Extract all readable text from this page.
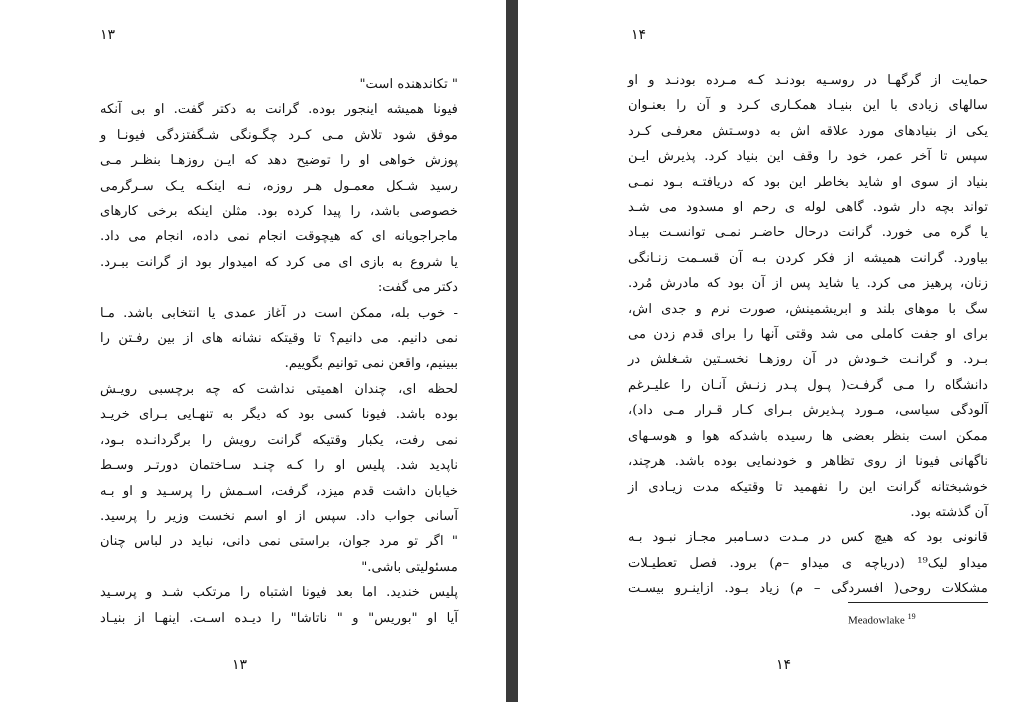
۱۳
" تکاندهنده است"
فیونا همیشه اینجور بوده. گرانت به دکتر گفت. او بی آنکه
موفق شود تلاش مـی کـرد چگـونگی شـگفتزدگی فیونـا و
پوزش خواهی او را توضیح دهد که ایـن روزهـا بنظـر مـی
رسید شـکل معمـول هـر روزه، نـه اینکـه یـک سـرگرمی
خصوصی باشد، را پیدا کرده بود. مثلن اینکه برخی کارهای
ماجراجویانه ای که هیچوقت انجام نمی داده، انجام می داد.
یا شروع به بازی ای می کرد که امیدوار بود از گرانت ببـرد.
دکتر می گفت:
- خوب بله، ممکن است در آغاز عمدی یا انتخابی باشد. مـا
نمی دانیم. می دانیم؟ تا وقیتکه نشانه های از بین رفـتن را
ببینیم، واقعن نمی توانیم بگوییم.
لحظه ای، چندان اهمیتی نداشت که چه برچسبی رویـش
بوده باشد. فیونا کسی بود که دیگر به تنهـایی بـرای خریـد
نمی رفت، یکبار وقتیکه گرانت رویش را برگردانـده بـود،
ناپدید شد. پلیس او را کـه چنـد سـاختمان دورتـر وسـط
خیابان داشت قدم میزد، گرفت، اسـمش را پرسـید و او بـه
آسانی جواب داد. سپس از او اسم نخست وزیر را پرسید.
" اگر تو مرد جوان، براستی نمی دانی، نباید در لباس چنان
مسئولیتی باشی."
پلیس خندید. اما بعد فیونا اشتباه را مرتکب شـد و پرسـید
آیا او "بوریس" و " ناتاشا" را دیـده اسـت. اینهـا از بنیـاد
۱۳
۱۴
حمایت از گرگهـا در روسـیه بودنـد کـه مـرده بودنـد و او
سالهای زیادی با این بنیـاد همکـاری کـرد و آن را بعنـوان
یکی از بنیادهای مورد علاقه اش به دوسـتش معرفـی کـرد
سپس تا آخر عمر، خود را وقف این بنیاد کرد. پذیرش ایـن
بنیاد از سوی او شاید بخاطر این بود که دریافتـه بـود نمـی
تواند بچه دار شود. گاهی لوله ی رحم او مسدود می شـد
یا گره می خورد. گرانت درحال حاضـر نمـی توانسـت بیـاد
بیاورد. گرانت همیشه از فکر کردن بـه آن قسـمت زنـانگی
زنان، پرهیز می کرد. یا شاید پس از آن بود که مادرش مُرد.
سگ با موهای بلند و ابریشمینش، صورت نرم و جدی اش،
برای او جفت کاملی می شد وقتی آنها را برای قدم زدن می
بـرد. و گرانـت خـودش در آن روزهـا نخسـتین شـغلش در
دانشگاه را مـی گرفـت( پـول پـدر زنـش آنـان را علیـرغم
آلودگی سیاسی، مـورد پـذیرش بـرای کـار قـرار مـی داد)،
ممکن است بنظر بعضی ها رسیده باشدکه هوا و هوسـهای
ناگهانی فیونا از روی تظاهر و خودنمایی بوده باشد. هرچند،
خوشبختانه گرانت این را نفهمید تا وقتیکه مدت زیـادی از
آن گذشته بود.
قانونی بود که هیچ کس در مـدت دسـامبر مجـاز نبـود بـه
میداو لیک¹⁹ (دریاچه ی میداو –م) برود. فصل تعطیـلات
مشکلات روحی( افسردگی – م) زیاد بـود. ازاینـرو بیسـت
Meadowlake $^{19}$
۱۴
